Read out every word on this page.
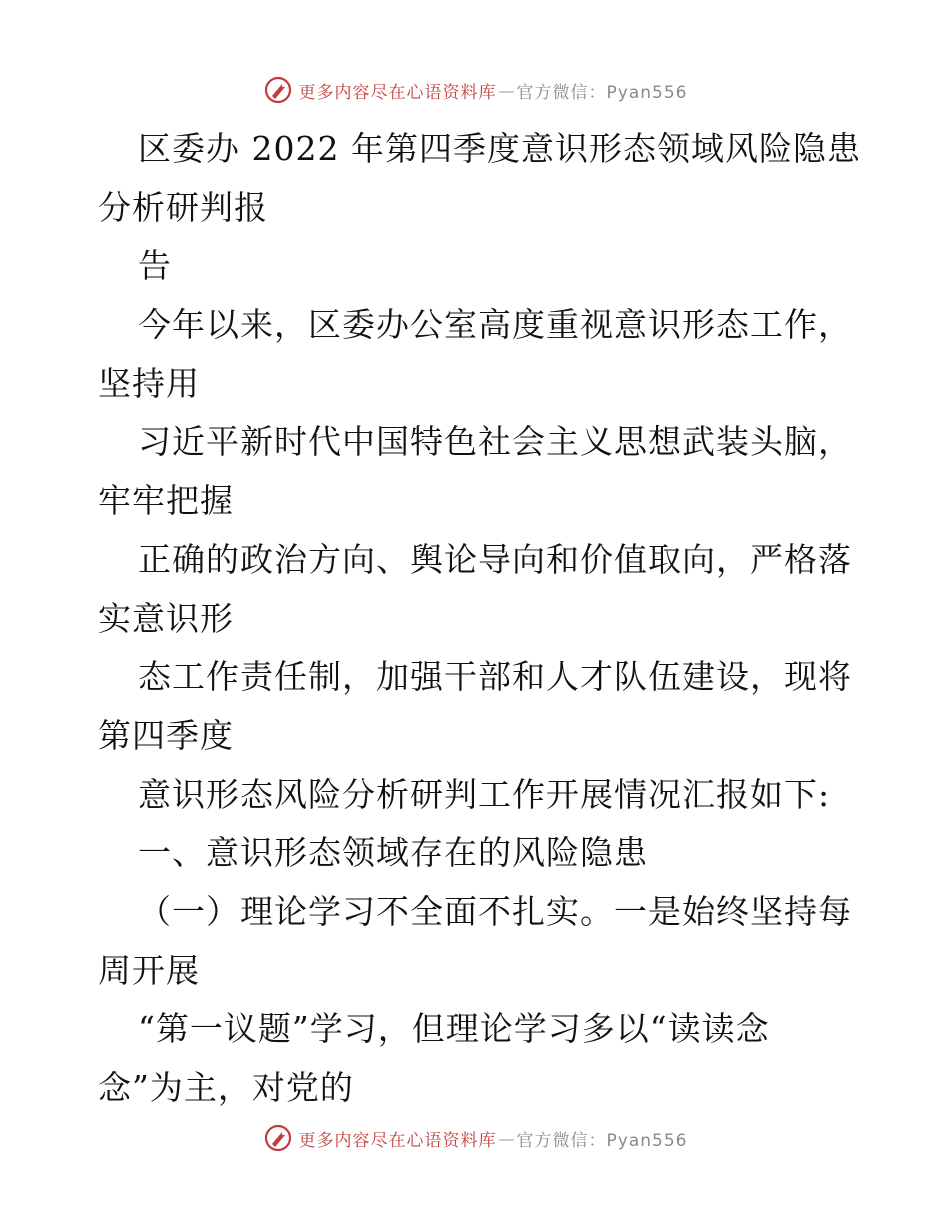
更多内容尽在心语资料库 — 官方微信：Pyan556
区委办 2022 年第四季度意识形态领域风险隐患
分析研判报
告
今年以来，区委办公室高度重视意识形态工作，
坚持用
习近平新时代中国特色社会主义思想武装头脑，
牢牢把握
正确的政治方向、舆论导向和价值取向，严格落
实意识形
态工作责任制，加强干部和人才队伍建设，现将
第四季度
意识形态风险分析研判工作开展情况汇报如下:
一、意识形态领域存在的风险隐患
（一）理论学习不全面不扎实。一是始终坚持每
周开展
“第一议题”学习，但理论学习多以“读读念
念”为主，对党的
更多内容尽在心语资料库 — 官方微信：Pyan556
